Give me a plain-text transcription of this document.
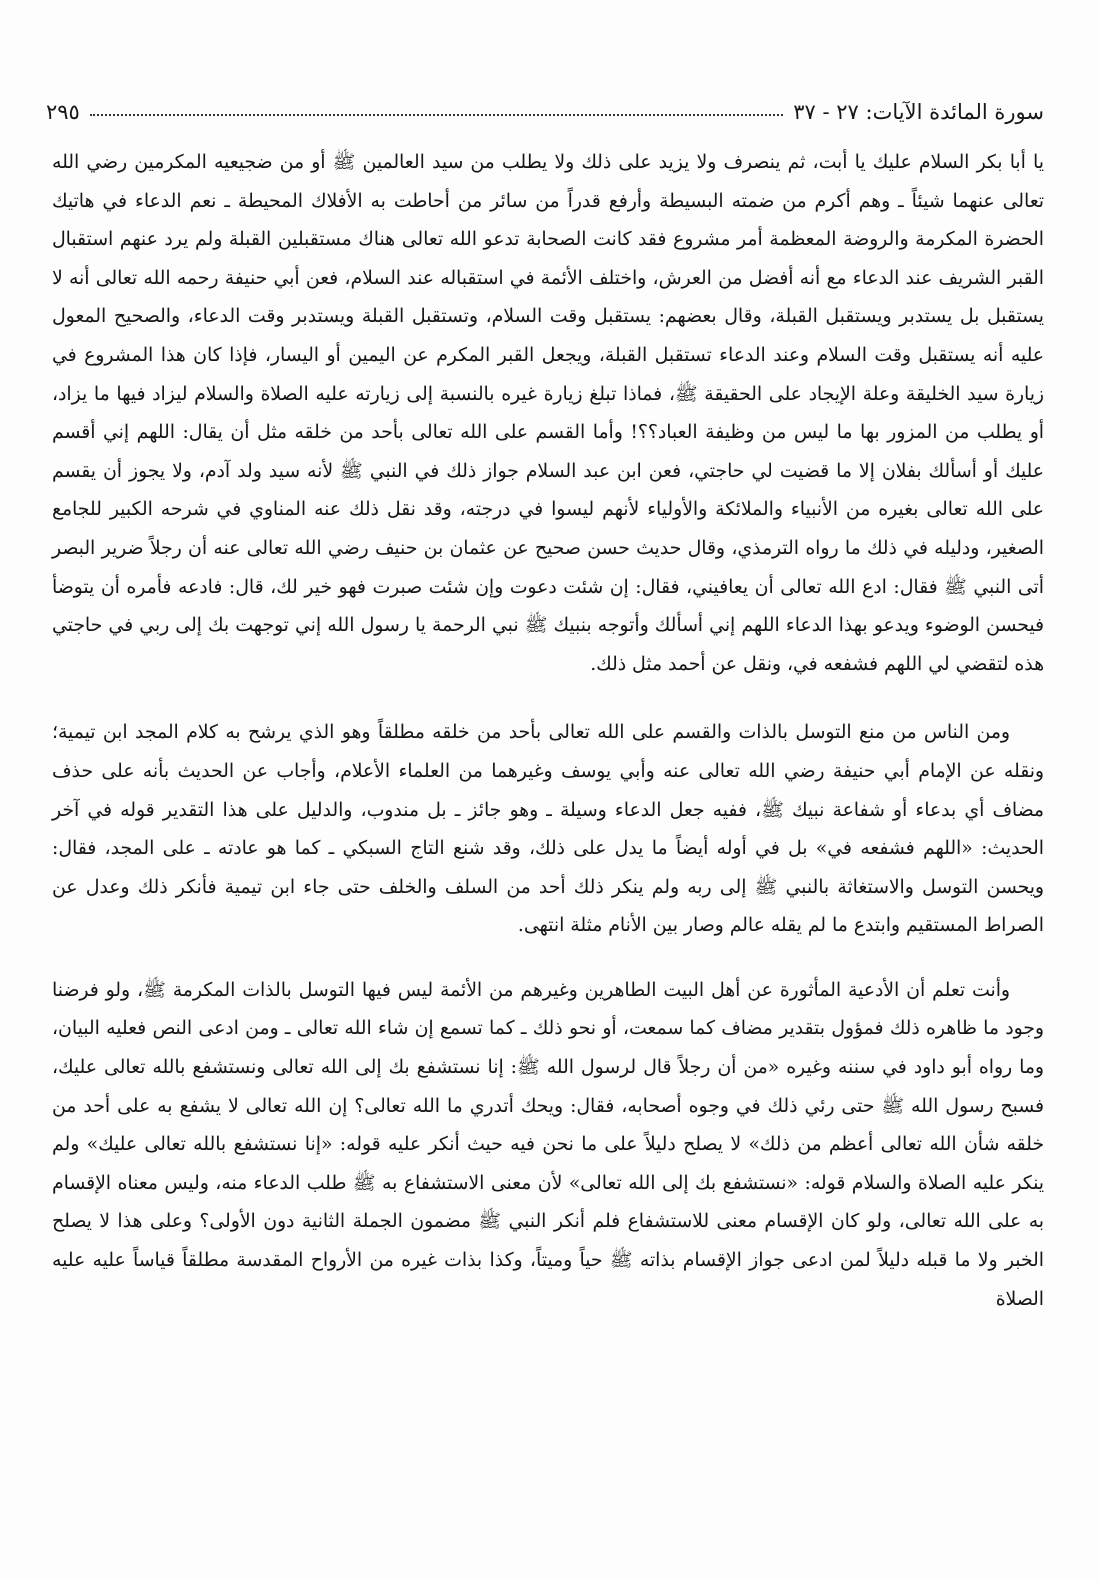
سورة المائدة الآيات: ٢٧ - ٣٧
٢٩٥

يا أبا بكر السلام عليك يا أبت، ثم ينصرف ولا يزيد على ذلك ولا يطلب من سيد العالمين ﷺ أو من ضجيعيه المكرمين رضي الله تعالى عنهما شيئاً ـ وهم أكرم من ضمته البسيطة وأرفع قدراً من سائر من أحاطت به الأفلاك المحيطة ـ نعم الدعاء في هاتيك الحضرة المكرمة والروضة المعظمة أمر مشروع فقد كانت الصحابة تدعو الله تعالى هناك مستقبلين القبلة ولم يرد عنهم استقبال القبر الشريف عند الدعاء مع أنه أفضل من العرش، واختلف الأئمة في استقباله عند السلام، فعن أبي حنيفة رحمه الله تعالى أنه لا يستقبل بل يستدبر ويستقبل القبلة، وقال بعضهم: يستقبل وقت السلام، وتستقبل القبلة ويستدبر وقت الدعاء، والصحيح المعول عليه أنه يستقبل وقت السلام وعند الدعاء تستقبل القبلة، ويجعل القبر المكرم عن اليمين أو اليسار، فإذا كان هذا المشروع في زيارة سيد الخليقة وعلة الإيجاد على الحقيقة ﷺ، فماذا تبلغ زيارة غيره بالنسبة إلى زيارته عليه الصلاة والسلام ليزاد فيها ما يزاد، أو يطلب من المزور بها ما ليس من وظيفة العباد؟؟! وأما القسم على الله تعالى بأحد من خلقه مثل أن يقال: اللهم إني أقسم عليك أو أسألك بفلان إلا ما قضيت لي حاجتي، فعن ابن عبد السلام جواز ذلك في النبي ﷺ لأنه سيد ولد آدم، ولا يجوز أن يقسم على الله تعالى بغيره من الأنبياء والملائكة والأولياء لأنهم ليسوا في درجته، وقد نقل ذلك عنه المناوي في شرحه الكبير للجامع الصغير، ودليله في ذلك ما رواه الترمذي، وقال حديث حسن صحيح عن عثمان بن حنيف رضي الله تعالى عنه أن رجلاً ضرير البصر أتى النبي ﷺ فقال: ادع الله تعالى أن يعافيني، فقال: إن شئت دعوت وإن شئت صبرت فهو خير لك، قال: فادعه فأمره أن يتوضأ فيحسن الوضوء ويدعو بهذا الدعاء اللهم إني أسألك وأتوجه بنبيك ﷺ نبي الرحمة يا رسول الله إني توجهت بك إلى ربي في حاجتي هذه لتقضي لي اللهم فشفعه في، ونقل عن أحمد مثل ذلك.

ومن الناس من منع التوسل بالذات والقسم على الله تعالى بأحد من خلقه مطلقاً وهو الذي يرشح به كلام المجد ابن تيمية؛ ونقله عن الإمام أبي حنيفة رضي الله تعالى عنه وأبي يوسف وغيرهما من العلماء الأعلام، وأجاب عن الحديث بأنه على حذف مضاف أي بدعاء أو شفاعة نبيك ﷺ، ففيه جعل الدعاء وسيلة ـ وهو جائز ـ بل مندوب، والدليل على هذا التقدير قوله في آخر الحديث: «اللهم فشفعه في» بل في أوله أيضاً ما يدل على ذلك، وقد شنع التاج السبكي ـ كما هو عادته ـ على المجد، فقال: ويحسن التوسل والاستغاثة بالنبي ﷺ إلى ربه ولم ينكر ذلك أحد من السلف والخلف حتى جاء ابن تيمية فأنكر ذلك وعدل عن الصراط المستقيم وابتدع ما لم يقله عالم وصار بين الأنام مثلة انتهى.

وأنت تعلم أن الأدعية المأثورة عن أهل البيت الطاهرين وغيرهم من الأئمة ليس فيها التوسل بالذات المكرمة ﷺ، ولو فرضنا وجود ما ظاهره ذلك فمؤول بتقدير مضاف كما سمعت، أو نحو ذلك ـ كما تسمع إن شاء الله تعالى ـ ومن ادعى النص فعليه البيان، وما رواه أبو داود في سننه وغيره «من أن رجلاً قال لرسول الله ﷺ: إنا نستشفع بك إلى الله تعالى ونستشفع بالله تعالى عليك، فسبح رسول الله ﷺ حتى رئي ذلك في وجوه أصحابه، فقال: ويحك أتدري ما الله تعالى؟ إن الله تعالى لا يشفع به على أحد من خلقه شأن الله تعالى أعظم من ذلك» لا يصلح دليلاً على ما نحن فيه حيث أنكر عليه قوله: «إنا نستشفع بالله تعالى عليك» ولم ينكر عليه الصلاة والسلام قوله: «نستشفع بك إلى الله تعالى» لأن معنى الاستشفاع به ﷺ طلب الدعاء منه، وليس معناه الإقسام به على الله تعالى، ولو كان الإقسام معنى للاستشفاع فلم أنكر النبي ﷺ مضمون الجملة الثانية دون الأولى؟ وعلى هذا لا يصلح الخبر ولا ما قبله دليلاً لمن ادعى جواز الإقسام بذاته ﷺ حياً وميتاً، وكذا بذات غيره من الأرواح المقدسة مطلقاً قياساً عليه عليه الصلاة
